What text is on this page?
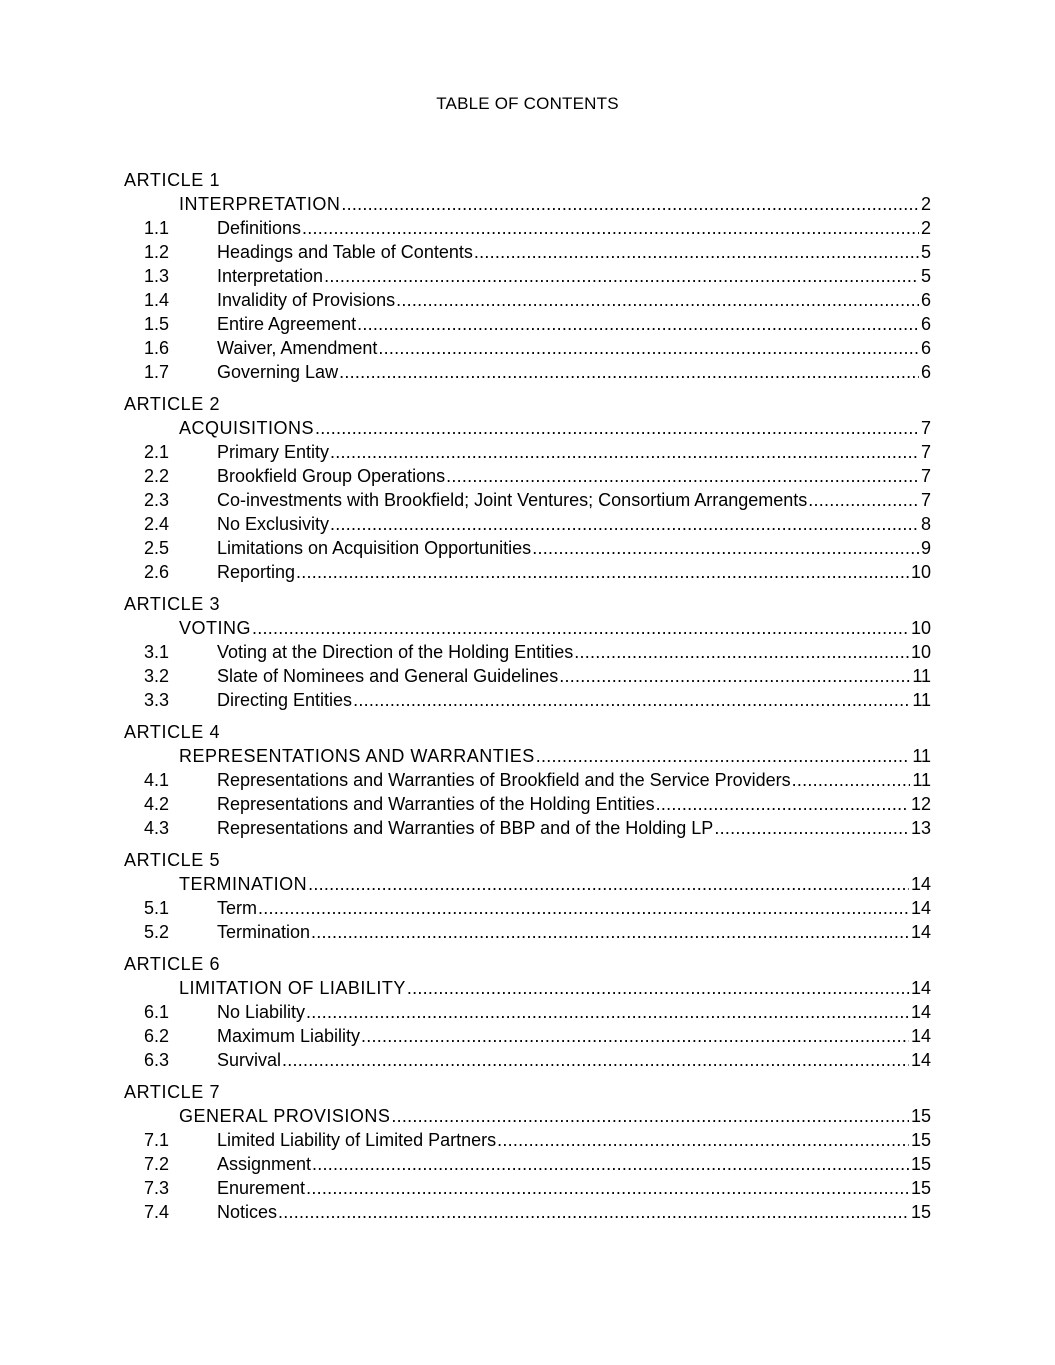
TABLE OF CONTENTS
ARTICLE 1
INTERPRETATION .....	2
1.1	Definitions .....	2
1.2	Headings and Table of Contents .....	5
1.3	Interpretation .....	5
1.4	Invalidity of Provisions .....	6
1.5	Entire Agreement .....	6
1.6	Waiver, Amendment .....	6
1.7	Governing Law .....	6
ARTICLE 2
ACQUISITIONS .....	7
2.1	Primary Entity .....	7
2.2	Brookfield Group Operations .....	7
2.3	Co-investments with Brookfield; Joint Ventures; Consortium Arrangements .....	7
2.4	No Exclusivity .....	8
2.5	Limitations on Acquisition Opportunities .....	9
2.6	Reporting .....	10
ARTICLE 3
VOTING .....	10
3.1	Voting at the Direction of the Holding Entities .....	10
3.2	Slate of Nominees and General Guidelines .....	11
3.3	Directing Entities .....	11
ARTICLE 4
REPRESENTATIONS AND WARRANTIES .....	11
4.1	Representations and Warranties of Brookfield and the Service Providers .....	11
4.2	Representations and Warranties of the Holding Entities .....	12
4.3	Representations and Warranties of BBP and of the Holding LP .....	13
ARTICLE 5
TERMINATION .....	14
5.1	Term .....	14
5.2	Termination .....	14
ARTICLE 6
LIMITATION OF LIABILITY .....	14
6.1	No Liability .....	14
6.2	Maximum Liability .....	14
6.3	Survival .....	14
ARTICLE 7
GENERAL PROVISIONS .....	15
7.1	Limited Liability of Limited Partners .....	15
7.2	Assignment .....	15
7.3	Enurement .....	15
7.4	Notices .....	15
